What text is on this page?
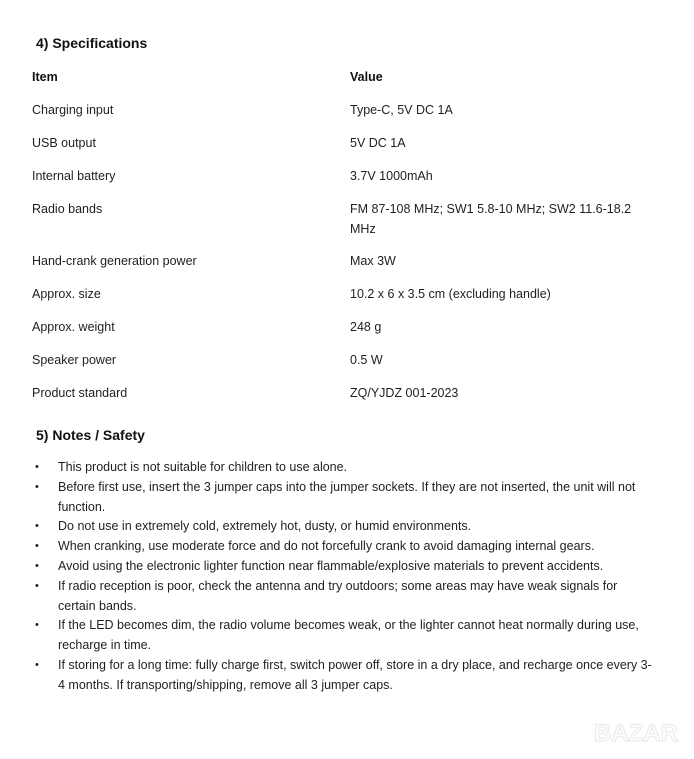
4) Specifications
Item	Value
Charging input	Type-C, 5V DC 1A
USB output	5V DC 1A
Internal battery	3.7V 1000mAh
Radio bands	FM 87-108 MHz; SW1 5.8-10 MHz; SW2 11.6-18.2 MHz
Hand-crank generation power	Max 3W
Approx. size	10.2 x 6 x 3.5 cm (excluding handle)
Approx. weight	248 g
Speaker power	0.5 W
Product standard	ZQ/YJDZ 001-2023
5) Notes / Safety
• This product is not suitable for children to use alone.
• Before first use, insert the 3 jumper caps into the jumper sockets. If they are not inserted, the unit will not function.
• Do not use in extremely cold, extremely hot, dusty, or humid environments.
• When cranking, use moderate force and do not forcefully crank to avoid damaging internal gears.
• Avoid using the electronic lighter function near flammable/explosive materials to prevent accidents.
• If radio reception is poor, check the antenna and try outdoors; some areas may have weak signals for certain bands.
• If the LED becomes dim, the radio volume becomes weak, or the lighter cannot heat normally during use, recharge in time.
• If storing for a long time: fully charge first, switch power off, store in a dry place, and recharge once every 3-4 months. If transporting/shipping, remove all 3 jumper caps.
BAZAR
